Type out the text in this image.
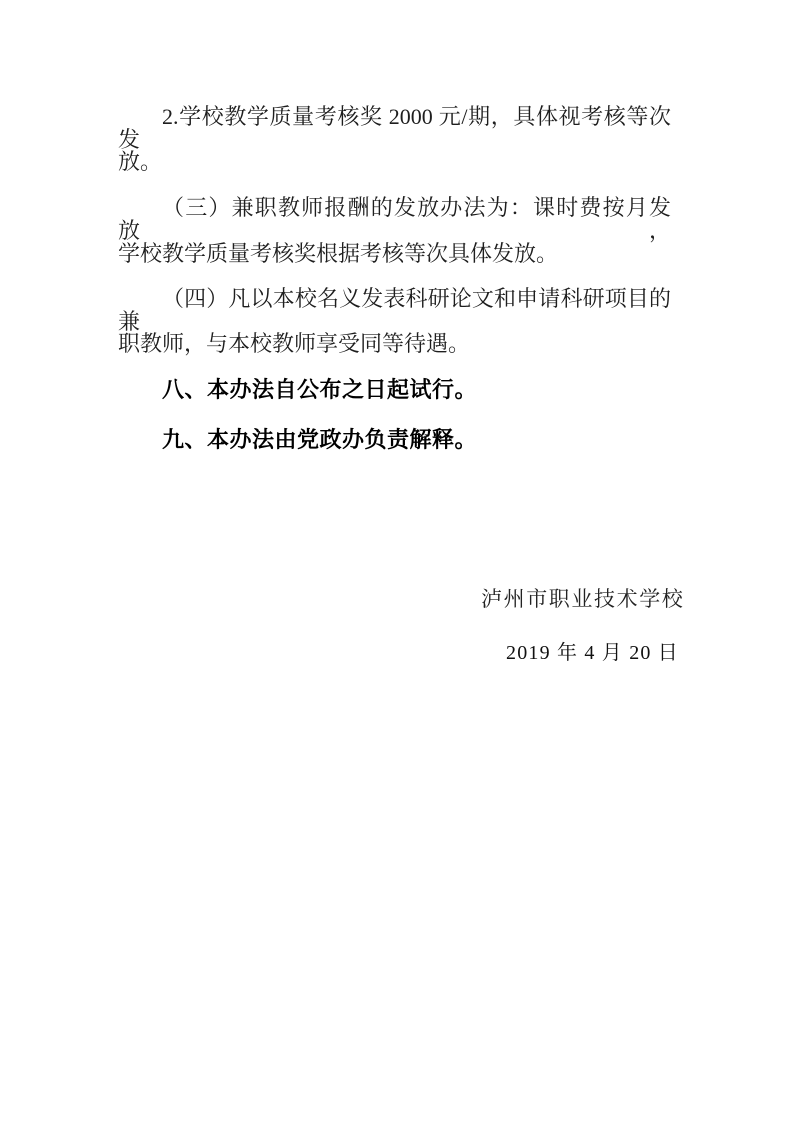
2.学校教学质量考核奖 2000 元/期，具体视考核等次发
放。
（三）兼职教师报酬的发放办法为：课时费按月发放，
学校教学质量考核奖根据考核等次具体发放。
（四）凡以本校名义发表科研论文和申请科研项目的兼
职教师，与本校教师享受同等待遇。
八、本办法自公布之日起试行。
九、本办法由党政办负责解释。
泸州市职业技术学校
2019 年 4 月 20 日
